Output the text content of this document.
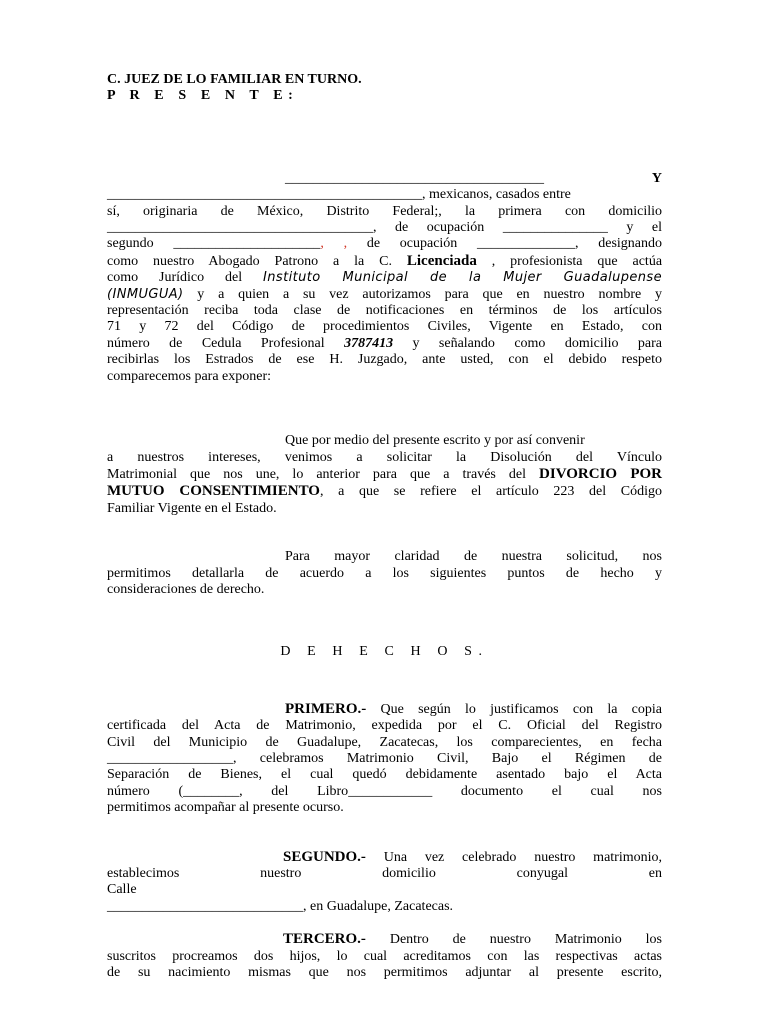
C. JUEZ DE LO FAMILIAR EN TURNO.

P R E S E N T E:

_____________________________________	Y

_____________________________________________, mexicanos, casados entre

sí, originaria de México, Distrito Federal;, la primera con domicilio

______________________________________, de ocupación _______________ y el

segundo _____________________, , de ocupación ______________, designando

como nuestro Abogado Patrono a la C. Licenciada , profesionista que actúa

como Jurídico del Instituto Municipal de la Mujer Guadalupense

(INMUGUA) y a quien a su vez autorizamos para que en nuestro nombre y

representación reciba toda clase de notificaciones en términos de los artículos

71 y 72 del Código de procedimientos Civiles, Vigente en Estado, con

número de Cedula Profesional 3787413 y señalando como domicilio para

recibirlas los Estrados de ese H. Juzgado, ante usted, con el debido respeto

comparecemos para exponer:

Que por medio del presente escrito y por así convenir

a nuestros intereses, venimos a solicitar la Disolución del Vínculo

Matrimonial que nos une, lo anterior para que a través del DIVORCIO POR

MUTUO CONSENTIMIENTO, a que se refiere el artículo 223 del Código

Familiar Vigente en el Estado.

Para mayor claridad de nuestra solicitud, nos

permitimos detallarla de acuerdo a los siguientes puntos de hecho y

consideraciones de derecho.

D E H E C H O S.

PRIMERO.- Que según lo justificamos con la copia

certificada del Acta de Matrimonio, expedida por el C. Oficial del Registro

Civil del Municipio de Guadalupe, Zacatecas, los comparecientes, en fecha

__________________, celebramos Matrimonio Civil, Bajo el Régimen de

Separación de Bienes, el cual quedó debidamente asentado bajo el Acta

número (________, del Libro____________ documento el cual nos

permitimos acompañar al presente ocurso.

SEGUNDO.- Una vez celebrado nuestro matrimonio,

establecimos nuestro domicilio conyugal en Calle

____________________________, en Guadalupe, Zacatecas.

TERCERO.- Dentro de nuestro Matrimonio los

suscritos procreamos dos hijos, lo cual acreditamos con las respectivas actas

de su nacimiento mismas que nos permitimos adjuntar al presente escrito,
